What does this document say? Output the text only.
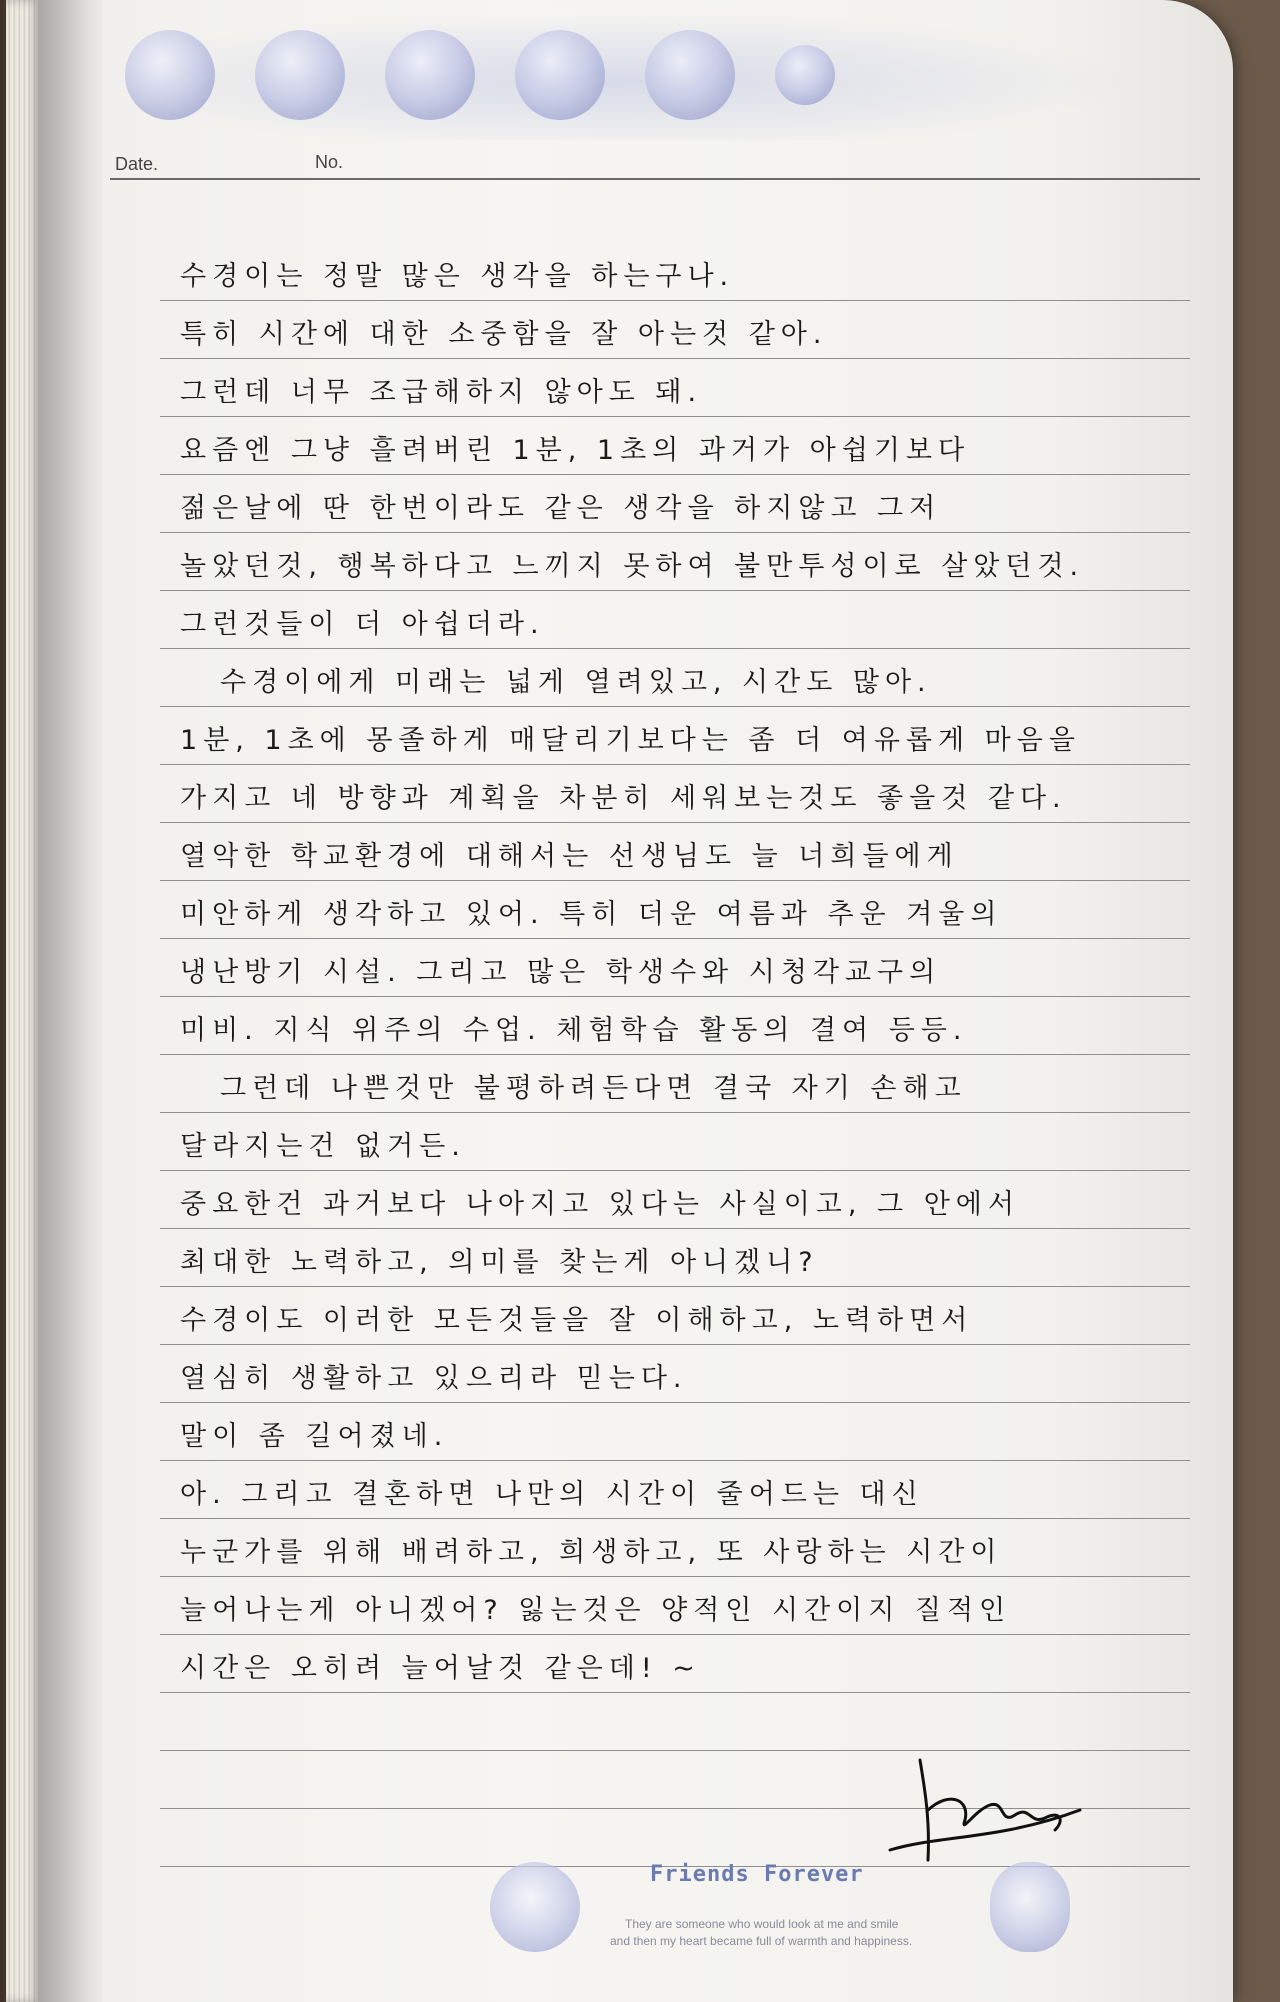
Date.	No.
수경이는 정말 많은 생각을 하는구나.
특히 시간에 대한 소중함을 잘 아는것 같아.
그런데 너무 조급해하지 않아도 돼.
요즘엔 그냥 흘려버린 1분, 1초의 과거가 아쉽기보다
젊은날에 딴 한번이라도 같은 생각을 하지않고 그저
놀았던것, 행복하다고 느끼지 못하여 불만투성이로 살았던것.
그런것들이 더 아쉽더라.
수경이에게 미래는 넓게 열려있고, 시간도 많아.
1분, 1초에 몽졸하게 매달리기보다는 좀 더 여유롭게 마음을
가지고 네 방향과 계획을 차분히 세워보는것도 좋을것 같다.
열악한 학교환경에 대해서는 선생님도 늘 너희들에게
미안하게 생각하고 있어. 특히 더운 여름과 추운 겨울의
냉난방기 시설. 그리고 많은 학생수와 시청각교구의
미비. 지식 위주의 수업. 체험학습 활동의 결여 등등.
그런데 나쁜것만 불평하려든다면 결국 자기 손해고
달라지는건 없거든.
중요한건 과거보다 나아지고 있다는 사실이고, 그 안에서
최대한 노력하고, 의미를 찾는게 아니겠니?
수경이도 이러한 모든것들을 잘 이해하고, 노력하면서
열심히 생활하고 있으리라 믿는다.
말이 좀 길어졌네.
아. 그리고 결혼하면 나만의 시간이 줄어드는 대신
누군가를 위해 배려하고, 희생하고, 또 사랑하는 시간이
늘어나는게 아니겠어? 잃는것은 양적인 시간이지 질적인
시간은 오히려 늘어날것 같은데! ~
Friends Forever
They are someone who would look at me and smile
and then my heart became full of warmth and happiness.
